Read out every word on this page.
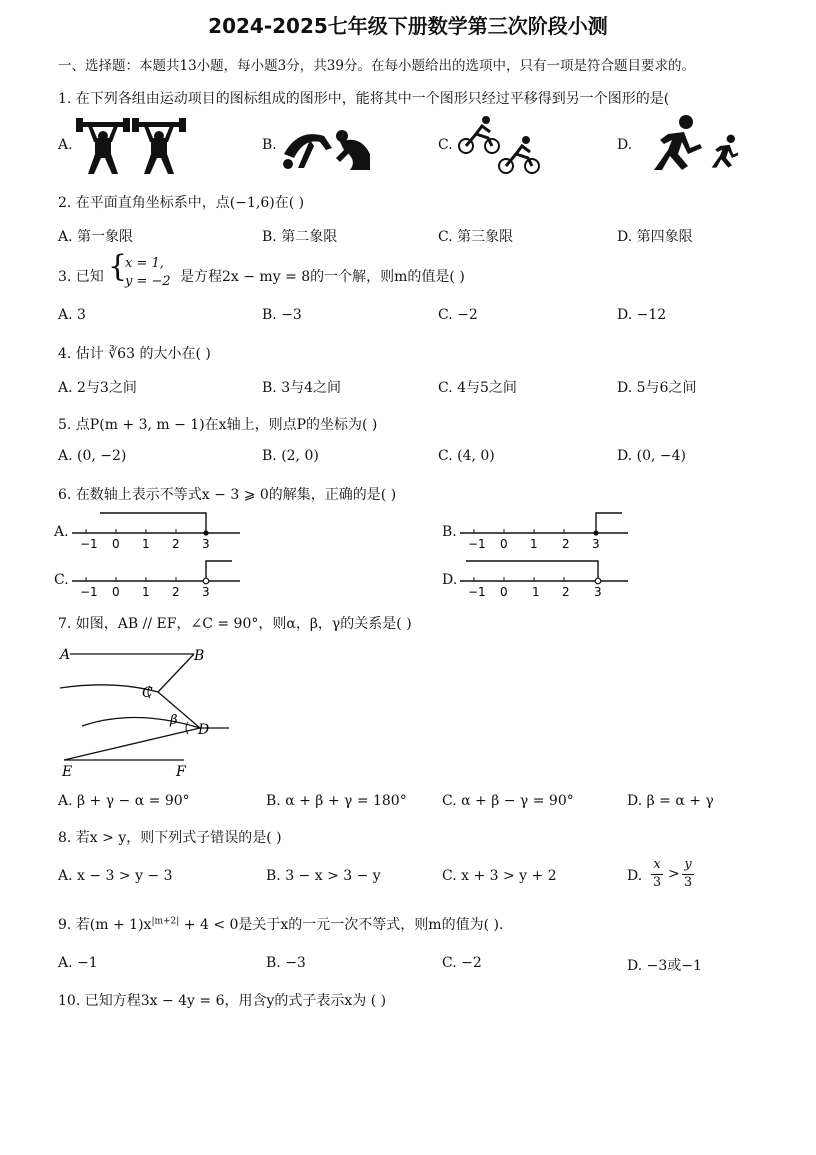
2024-2025七年级下册数学第三次阶段小测
一、选择题：本题共13小题，每小题3分，共39分。在每小题给出的选项中，只有一项是符合题目要求的。
1. 在下列各组由运动项目的图标组成的图形中，能将其中一个图形只经过平移得到另一个图形的是(
A.	B.	C.	D.
2. 在平面直角坐标系中，点(−1,6)在( )
A. 第一象限	B. 第二象限	C. 第三象限	D. 第四象限
3. 已知 {
x = 1,
y = −2 是方程2x − my = 8的一个解，则m的值是( )
A. 3	B. −3	C. −2	D. −12
4. 估计 ∛63 的大小在( )
A. 2与3之间	B. 3与4之间	C. 4与5之间	D. 5与6之间
5. 点P(m + 3, m − 1)在x轴上，则点P的坐标为( )
A. (0, −2)	B. (2, 0)	C. (4, 0)	D. (0, −4)
6. 在数轴上表示不等式x − 3 ⩾ 0的解集，正确的是( )
A.
−1 0 1 2 3
B.
−1 0 1 2 3
C.
−1 0 1 2 3
D.
−1 0 1 2 3
7. 如图，AB // EF，∠C = 90°，则α，β，γ的关系是( )
A	B
C
D
E	F
β
A. β + γ − α = 90°	B. α + β + γ = 180°	C. α + β − γ = 90°	D. β = α + γ
8. 若x > y，则下列式子错误的是( )
A. x − 3 > y − 3	B. 3 − x > 3 − y	C. x + 3 > y + 2	D.
x
3
>
y
3
9. 若$(m + 1)x^{|m+2|} + 4 < 0$是关于x的一元一次不等式，则m的值为( ).
A. −1	B. −3	C. −2	D. −3或−1
10. 已知方程3x − 4y = 6，用含y的式子表示x为 ( )
